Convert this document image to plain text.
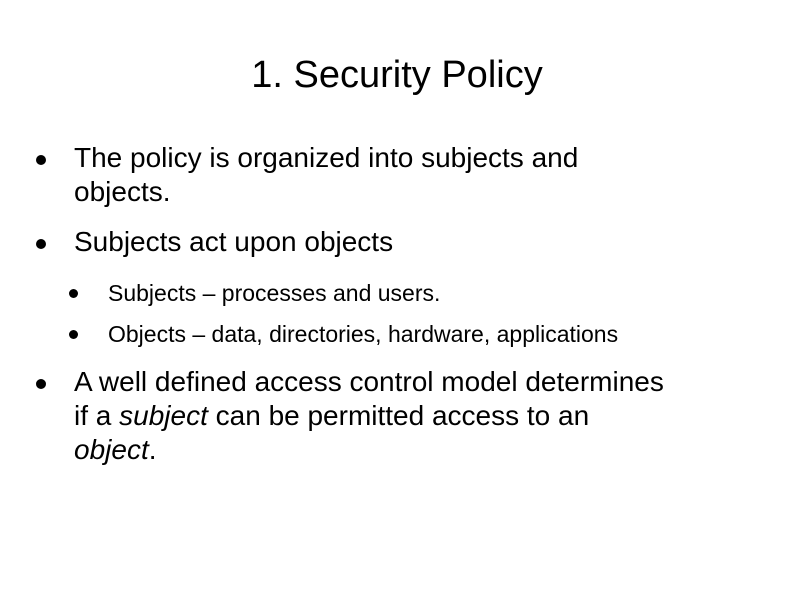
1. Security Policy
The policy is organized into subjects and
objects.
Subjects act upon objects
Subjects – processes and users.
Objects – data, directories, hardware, applications
A well defined access control model determines
if a subject can be permitted access to an
object.
